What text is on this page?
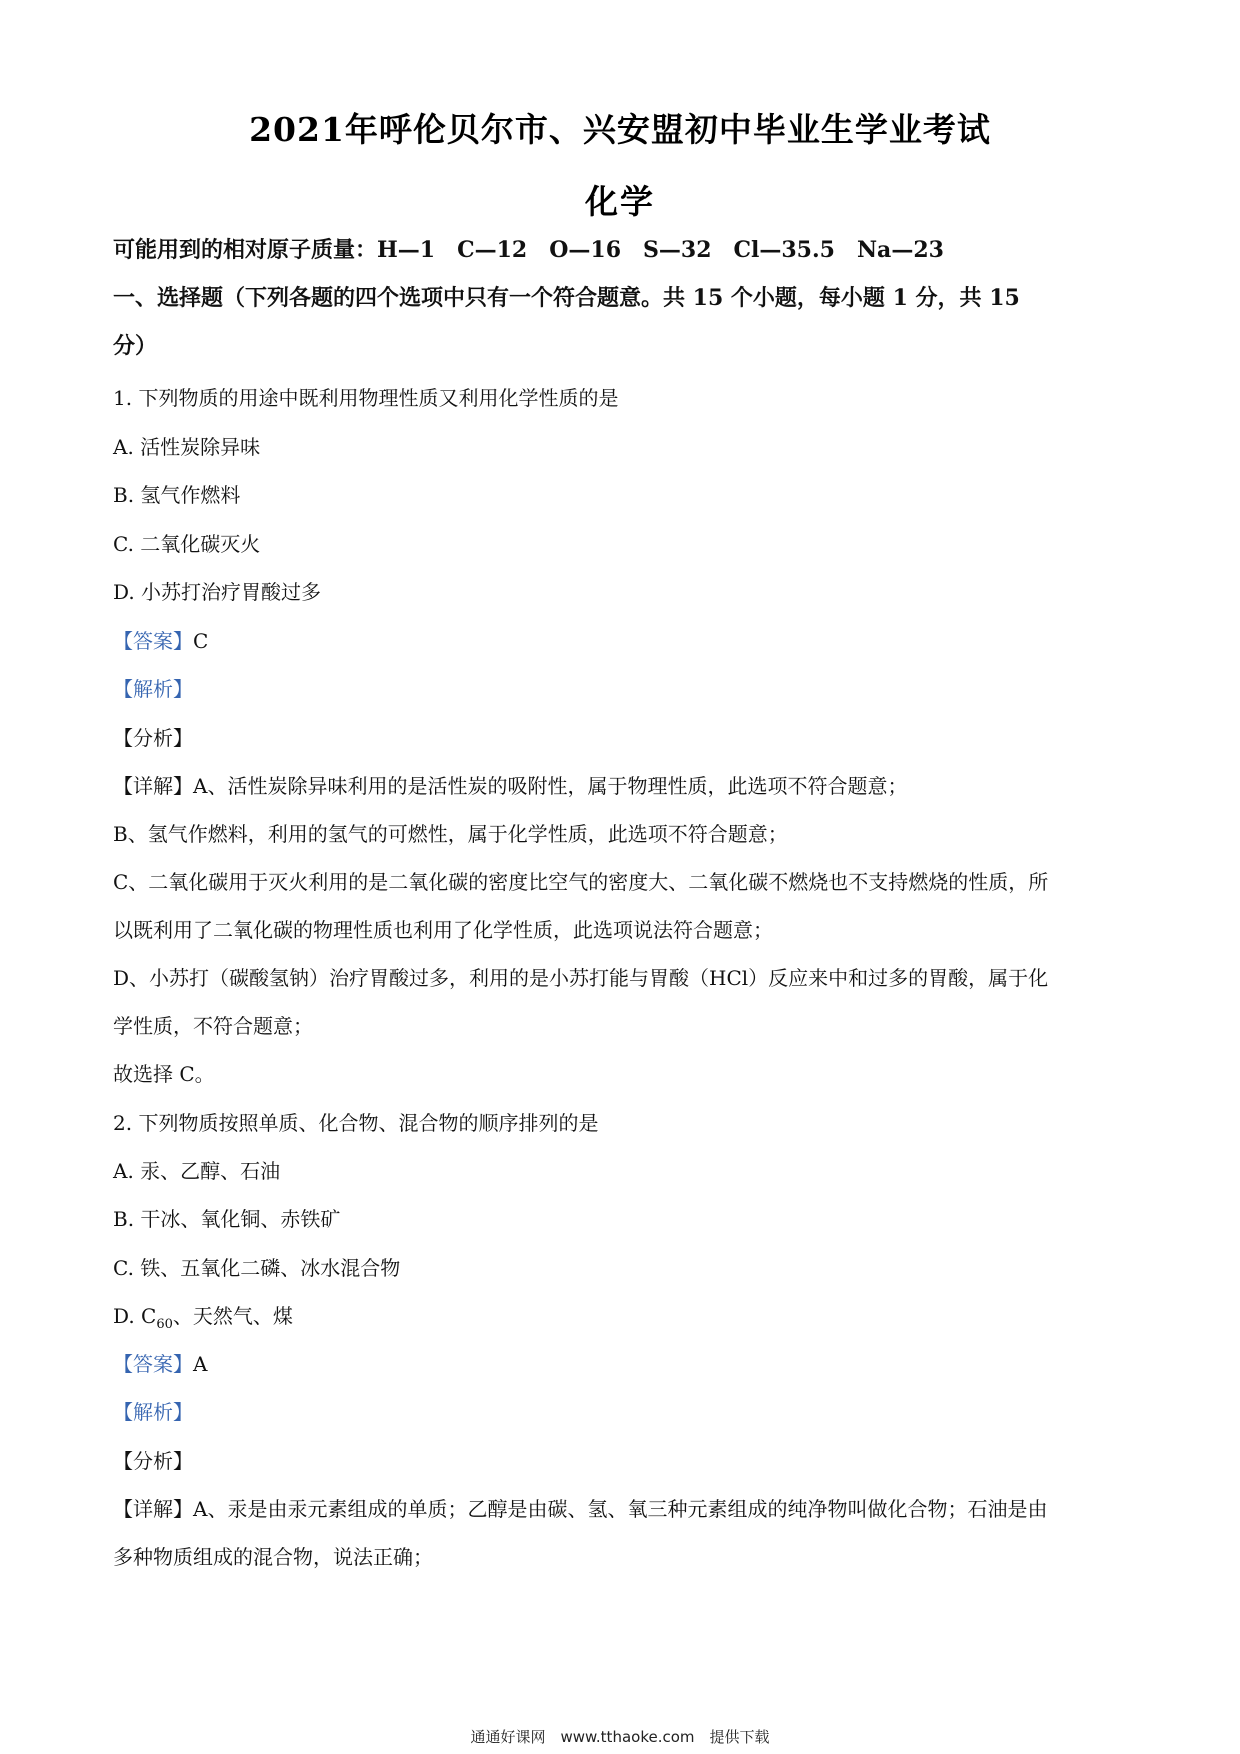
2021年呼伦贝尔市、兴安盟初中毕业生学业考试
化学
可能用到的相对原子质量：H—1　C—12　O—16　S—32　Cl—35.5　Na—23
一、选择题（下列各题的四个选项中只有一个符合题意。共 15 个小题，每小题 1 分，共 15
分）
1. 下列物质的用途中既利用物理性质又利用化学性质的是
A. 活性炭除异味
B. 氢气作燃料
C. 二氧化碳灭火
D. 小苏打治疗胃酸过多
【答案】C
【解析】
【分析】
【详解】A、活性炭除异味利用的是活性炭的吸附性，属于物理性质，此选项不符合题意；
B、氢气作燃料，利用的氢气的可燃性，属于化学性质，此选项不符合题意；
C、二氧化碳用于灭火利用的是二氧化碳的密度比空气的密度大、二氧化碳不燃烧也不支持燃烧的性质，所
以既利用了二氧化碳的物理性质也利用了化学性质，此选项说法符合题意；
D、小苏打（碳酸氢钠）治疗胃酸过多，利用的是小苏打能与胃酸（HCl）反应来中和过多的胃酸，属于化
学性质，不符合题意；
故选择 C。
2. 下列物质按照单质、化合物、混合物的顺序排列的是
A. 汞、乙醇、石油
B. 干冰、氧化铜、赤铁矿
C. 铁、五氧化二磷、冰水混合物
D. $C_{60}$、天然气、煤
【答案】A
【解析】
【分析】
【详解】A、汞是由汞元素组成的单质；乙醇是由碳、氢、氧三种元素组成的纯净物叫做化合物；石油是由
多种物质组成的混合物，说法正确；
通通好课网　www.tthaoke.com　提供下载
